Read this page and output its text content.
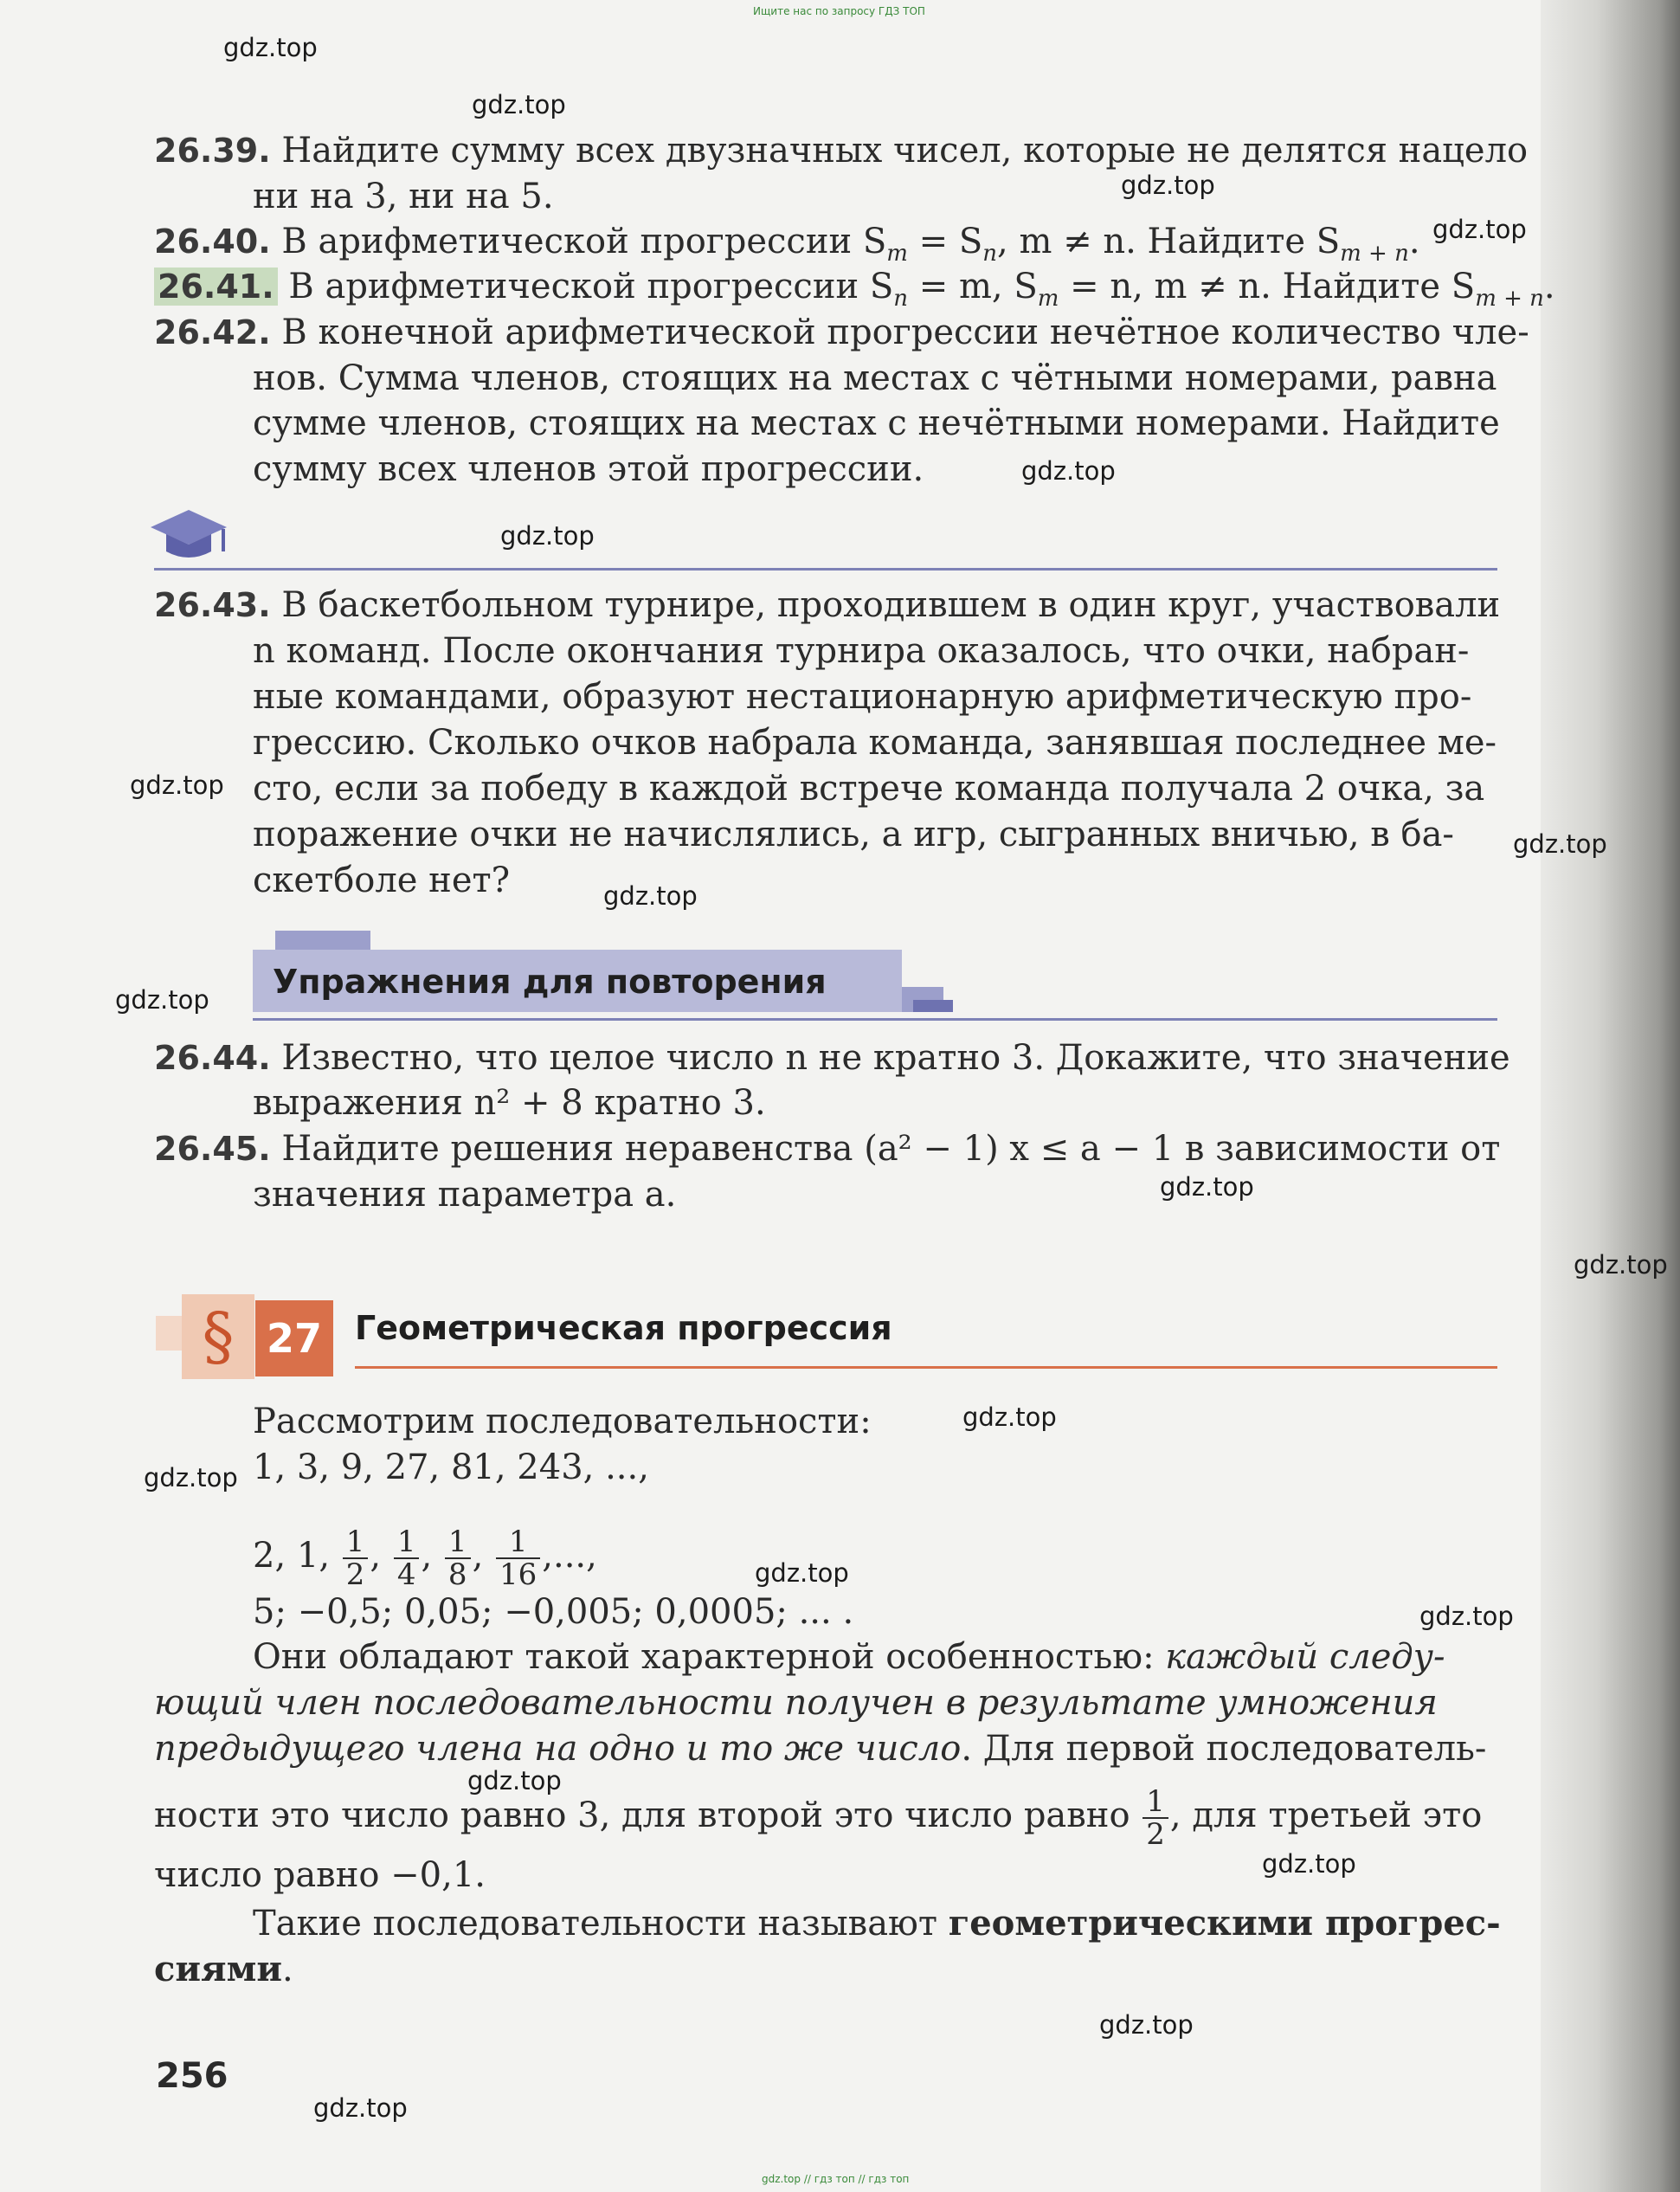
Ищите нас по запросу ГДЗ ТОП
gdz.top
gdz.top
gdz.top
gdz.top
gdz.top
gdz.top
gdz.top
gdz.top
gdz.top
gdz.top
gdz.top
gdz.top
gdz.top
gdz.top
gdz.top
gdz.top
gdz.top
gdz.top
gdz.top
gdz.top
26.39. Найдите сумму всех двузначных чисел, которые не делятся нацело
ни на 3, ни на 5.
26.40. В арифметической прогрессии $S_m = S_n$, m ≠ n. Найдите $S_{m + n}$.
26.41. В арифметической прогрессии $S_n = m$, $S_m = n$, m ≠ n. Найдите $S_{m + n}$.
26.42. В конечной арифметической прогрессии нечётное количество чле-
нов. Сумма членов, стоящих на местах с чётными номерами, равна
сумме членов, стоящих на местах с нечётными номерами. Найдите
сумму всех членов этой прогрессии.
26.43. В баскетбольном турнире, проходившем в один круг, участвовали
n команд. После окончания турнира оказалось, что очки, набран-
ные командами, образуют нестационарную арифметическую про-
грессию. Сколько очков набрала команда, занявшая последнее ме-
сто, если за победу в каждой встрече команда получала 2 очка, за
поражение очки не начислялись, а игр, сыгранных вничью, в ба-
скетболе нет?
Упражнения для повторения
26.44. Известно, что целое число n не кратно 3. Докажите, что значение
выражения n² + 8 кратно 3.
26.45. Найдите решения неравенства (a² − 1) x ≤ a − 1 в зависимости от
значения параметра a.
§ 27	Геометрическая прогрессия
Рассмотрим последовательности:
1, 3, 9, 27, 81, 243, ...,
2, 1, $\frac{1}{2}$ , $\frac{1}{4}$ , $\frac{1}{8}$ , $\frac{1}{16}$ ,...,
5; −0,5; 0,05; −0,005; 0,0005; ... .
Они обладают такой характерной особенностью: каждый следу-
ющий член последовательности получен в результате умножения
предыдущего члена на одно и то же число. Для первой последователь-
ности это число равно 3, для второй это число равно $\frac{1}{2}$ , для третьей это
число равно −0,1.
Такие последовательности называют геометрическими прогрес-
сиями.
256
gdz.top // гдз топ // гдз топ
